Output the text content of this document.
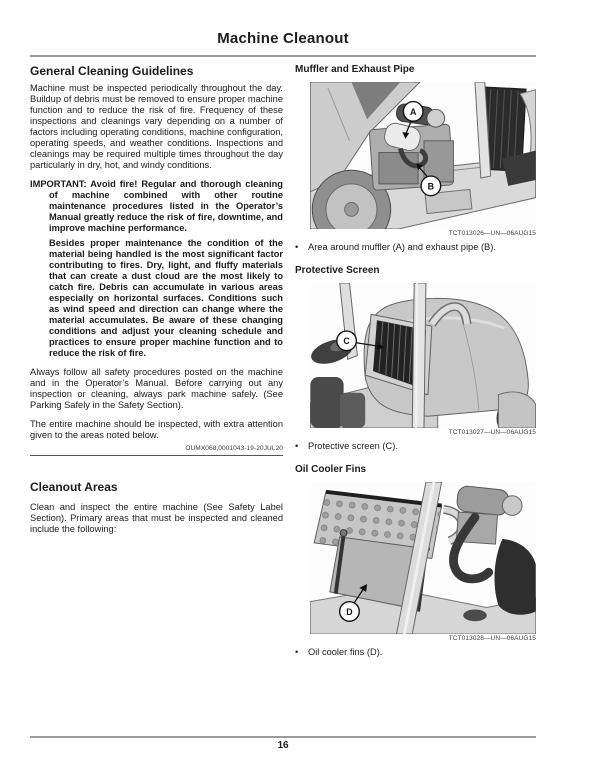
Machine Cleanout
General Cleaning Guidelines

Machine must be inspected periodically throughout the day. Buildup of debris must be removed to ensure proper machine function and to reduce the risk of fire. Frequency of these inspections and cleanings vary depending on a number of factors including operating conditions, machine configuration, operating speeds, and weather conditions. Inspections and cleanings may be required multiple times throughout the day particularly in dry, hot, and windy conditions.

IMPORTANT: Avoid fire! Regular and thorough cleaning of machine combined with other routine maintenance procedures listed in the Operator’s Manual greatly reduce the risk of fire, downtime, and improve machine performance.

Besides proper maintenance the condition of the material being handled is the most significant factor contributing to fires. Dry, light, and fluffy materials that can create a dust cloud are the most likely to catch fire. Debris can accumulate in various areas especially on horizontal surfaces. Conditions such as wind speed and direction can change where the material accumulates. Be aware of these changing conditions and adjust your cleaning schedule and practices to ensure proper machine function and to reduce the risk of fire.

Always follow all safety procedures posted on the machine and in the Operator’s Manual. Before carrying out any inspection or cleaning, always park machine safely. (See Parking Safely in the Safety Section).

The entire machine should be inspected, with extra attention given to the areas noted below.

OUMX068,0001043-19-20JUL20
Cleanout Areas

Clean and inspect the entire machine (See Safety Label Section). Primary areas that must be inspected and cleaned include the following:

Muffler and Exhaust Pipe
A
B
TCT013026—UN—06AUG15
•	Area around muffler (A) and exhaust pipe (B).
Protective Screen
C
TCT013027—UN—06AUG15
•	Protective screen (C).
Oil Cooler Fins
D
TCT013028—UN—06AUG15
•	Oil cooler fins (D).
16
